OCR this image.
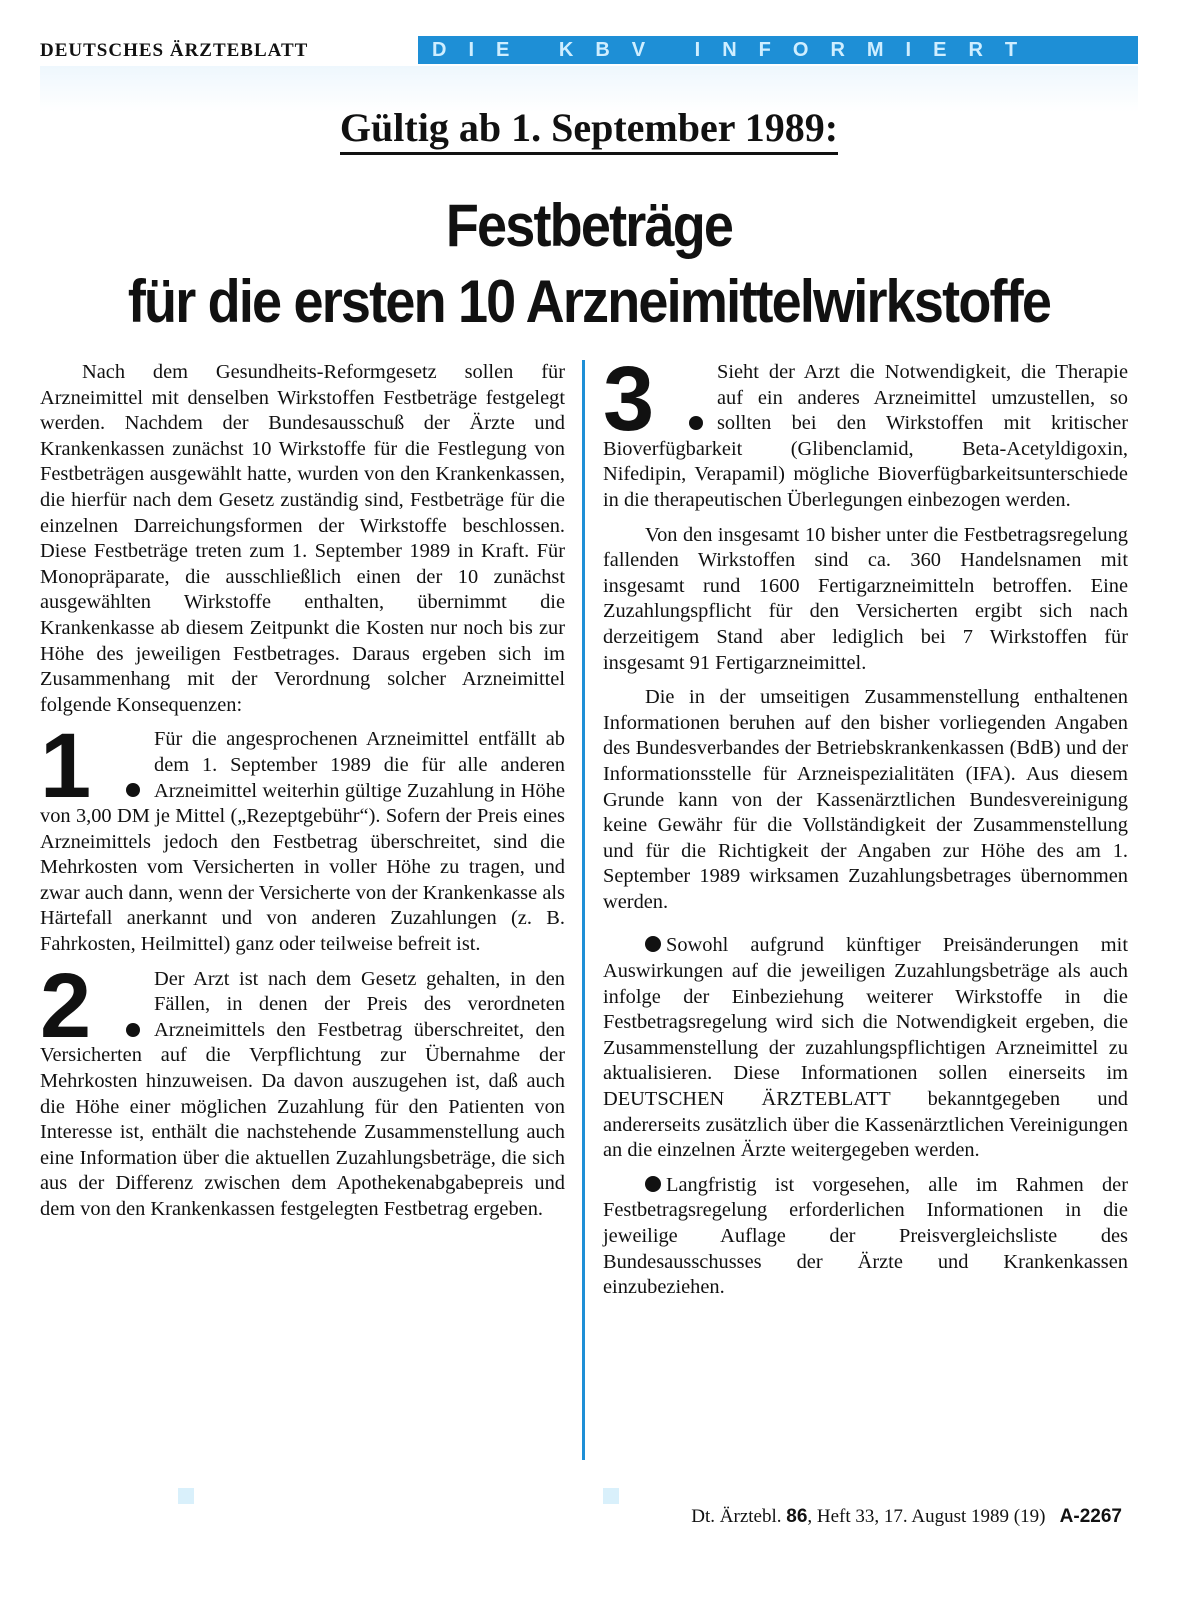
DEUTSCHES ÄRZTEBLATT	DIE KBV INFORMIERT
Gültig ab 1. September 1989:
Festbeträge
für die ersten 10 Arzneimittelwirkstoffe

Nach dem Gesundheits-Reformgesetz sollen für Arzneimittel mit denselben Wirkstoffen Festbeträge festgelegt werden. Nachdem der Bundesausschuß der Ärzte und Krankenkassen zunächst 10 Wirkstoffe für die Festlegung von Festbeträgen ausgewählt hatte, wurden von den Krankenkassen, die hierfür nach dem Gesetz zuständig sind, Festbeträge für die einzelnen Darreichungsformen der Wirkstoffe beschlossen. Diese Festbeträge treten zum 1. September 1989 in Kraft. Für Monopräparate, die ausschließlich einen der 10 zunächst ausgewählten Wirkstoffe enthalten, übernimmt die Krankenkasse ab diesem Zeitpunkt die Kosten nur noch bis zur Höhe des jeweiligen Festbetrages. Daraus ergeben sich im Zusammenhang mit der Verordnung solcher Arzneimittel folgende Konsequenzen:

1	Für die angesprochenen Arzneimittel entfällt ab dem 1. September 1989 die für alle anderen Arzneimittel weiterhin gültige Zuzahlung in Höhe von 3,00 DM je Mittel („Rezeptgebühr“). Sofern der Preis eines Arzneimittels jedoch den Festbetrag überschreitet, sind die Mehrkosten vom Versicherten in voller Höhe zu tragen, und zwar auch dann, wenn der Versicherte von der Krankenkasse als Härtefall anerkannt und von anderen Zuzahlungen (z. B. Fahrkosten, Heilmittel) ganz oder teilweise befreit ist.

2	Der Arzt ist nach dem Gesetz gehalten, in den Fällen, in denen der Preis des verordneten Arzneimittels den Festbetrag überschreitet, den Versicherten auf die Verpflichtung zur Übernahme der Mehrkosten hinzuweisen. Da davon auszugehen ist, daß auch die Höhe einer möglichen Zuzahlung für den Patienten von Interesse ist, enthält die nachstehende Zusammenstellung auch eine Information über die aktuellen Zuzahlungsbeträge, die sich aus der Differenz zwischen dem Apothekenabgabepreis und dem von den Krankenkassen festgelegten Festbetrag ergeben.

3	Sieht der Arzt die Notwendigkeit, die Therapie auf ein anderes Arzneimittel umzustellen, so sollten bei den Wirkstoffen mit kritischer Bioverfügbarkeit (Glibenclamid, Beta-Acetyldigoxin, Nifedipin, Verapamil) mögliche Bioverfügbarkeitsunterschiede in die therapeutischen Überlegungen einbezogen werden.

Von den insgesamt 10 bisher unter die Festbetragsregelung fallenden Wirkstoffen sind ca. 360 Handelsnamen mit insgesamt rund 1600 Fertigarzneimitteln betroffen. Eine Zuzahlungspflicht für den Versicherten ergibt sich nach derzeitigem Stand aber lediglich bei 7 Wirkstoffen für insgesamt 91 Fertigarzneimittel.

Die in der umseitigen Zusammenstellung enthaltenen Informationen beruhen auf den bisher vorliegenden Angaben des Bundesverbandes der Betriebskrankenkassen (BdB) und der Informationsstelle für Arzneispezialitäten (IFA). Aus diesem Grunde kann von der Kassenärztlichen Bundesvereinigung keine Gewähr für die Vollständigkeit der Zusammenstellung und für die Richtigkeit der Angaben zur Höhe des am 1. September 1989 wirksamen Zuzahlungsbetrages übernommen werden.

Sowohl aufgrund künftiger Preisänderungen mit Auswirkungen auf die jeweiligen Zuzahlungsbeträge als auch infolge der Einbeziehung weiterer Wirkstoffe in die Festbetragsregelung wird sich die Notwendigkeit ergeben, die Zusammenstellung der zuzahlungspflichtigen Arzneimittel zu aktualisieren. Diese Informationen sollen einerseits im DEUTSCHEN ÄRZTEBLATT bekanntgegeben und andererseits zusätzlich über die Kassenärztlichen Vereinigungen an die einzelnen Ärzte weitergegeben werden.

Langfristig ist vorgesehen, alle im Rahmen der Festbetragsregelung erforderlichen Informationen in die jeweilige Auflage der Preisvergleichsliste des Bundesausschusses der Ärzte und Krankenkassen einzubeziehen.

Dt. Ärztebl. 86, Heft 33, 17. August 1989 (19) A-2267
